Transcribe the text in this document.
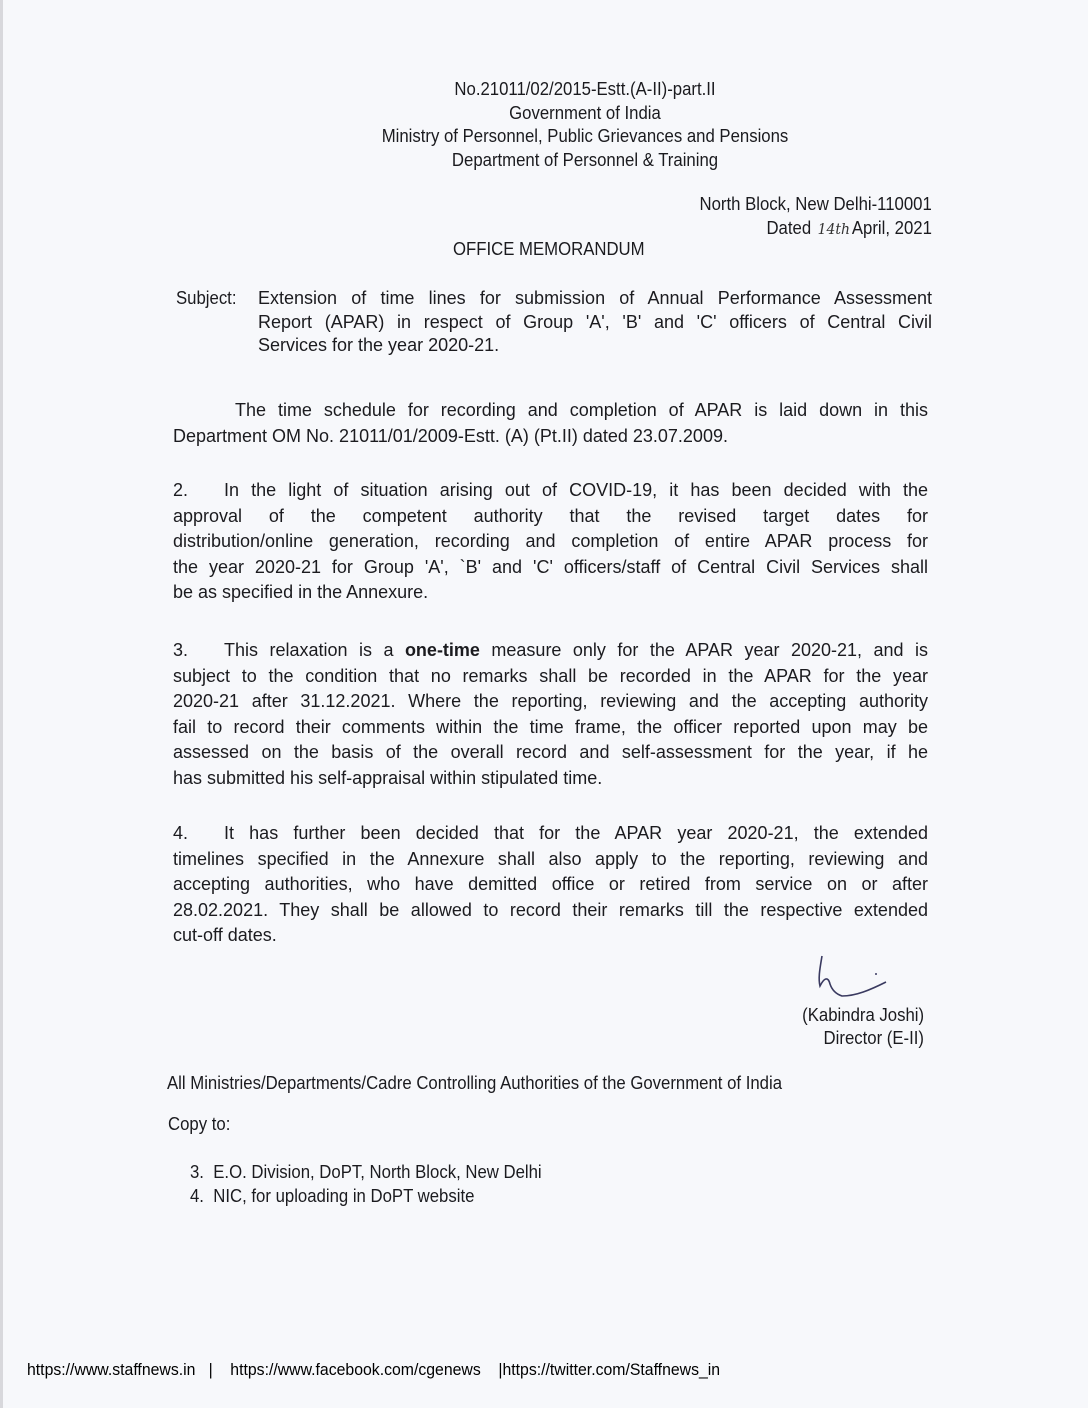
No.21011/02/2015-Estt.(A-II)-part.II
Government of India
Ministry of Personnel, Public Grievances and Pensions
Department of Personnel & Training
North Block, New Delhi-110001
Dated 14th April, 2021
OFFICE MEMORANDUM
Subject: Extension of time lines for submission of Annual Performance Assessment
Report (APAR) in respect of Group 'A', 'B' and 'C' officers of Central Civil
Services for the year 2020-21.
The time schedule for recording and completion of APAR is laid down in this
Department OM No. 21011/01/2009-Estt. (A) (Pt.II) dated 23.07.2009.
2.  In the light of situation arising out of COVID-19, it has been decided with the
approval of the competent authority that the revised target dates for
distribution/online generation, recording and completion of entire APAR process for
the year 2020-21 for Group 'A', `B' and 'C' officers/staff of Central Civil Services shall
be as specified in the Annexure.
3.  This relaxation is a one-time measure only for the APAR year 2020-21, and is
subject to the condition that no remarks shall be recorded in the APAR for the year
2020-21 after 31.12.2021. Where the reporting, reviewing and the accepting authority
fail to record their comments within the time frame, the officer reported upon may be
assessed on the basis of the overall record and self-assessment for the year, if he
has submitted his self-appraisal within stipulated time.
4.  It has further been decided that for the APAR year 2020-21, the extended
timelines specified in the Annexure shall also apply to the reporting, reviewing and
accepting authorities, who have demitted office or retired from service on or after
28.02.2021. They shall be allowed to record their remarks till the respective extended
cut-off dates.
(Kabindra Joshi)
Director (E-II)
All Ministries/Departments/Cadre Controlling Authorities of the Government of India
Copy to:
3.  E.O. Division, DoPT, North Block, New Delhi
4.  NIC, for uploading in DoPT website
https://www.staffnews.in | https://www.facebook.com/cgenews |https://twitter.com/Staffnews_in
